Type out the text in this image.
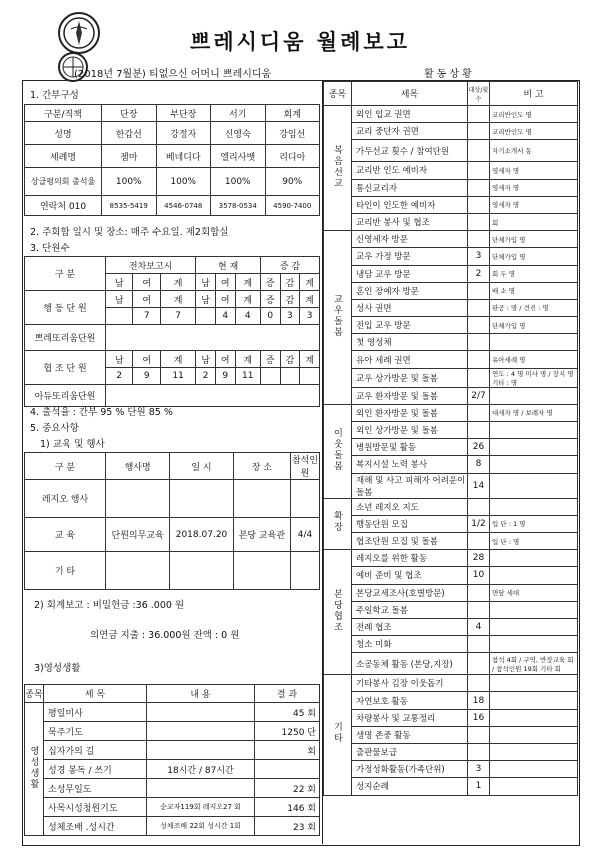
쁘레시디움 월례보고
(2018년 7월분) 티없으신 어머니 쁘레시디움	활동상황
1. 간부구성
구분/직책	단장	부단장	서기	회계
성명	한갑선	강정자	신영숙	강임선
세례명	젬마	베네디다	엘리사벳	리디아
상급평의회 출석율	100%	100%	100%	90%
연락처 010	8535-5419	4546-0748	3578-0534	4590-7400
2. 주회합 일시 및 장소: 매주 수요일. 제2회합실
3. 단원수
구 분	전차보고시			현 재			증 감		
	남	여	계	남	여	계	증	감	계
행 동 단 원	남	여	계	남	여	계	증	감	계
		7	7		4	4	0	3	3
쁘레또리움단원									
협 조 단 원	남	여	계	남	여	계	증	감	계
	2	9	11	2	9	11			
아듀또리움단원									
4. 출석율 : 간부 95 % 단원 85 %
5. 중요사항
1) 교육 및 행사
구 분	행사명	일 시	장 소	참석인원
레지오 행사				
교 육	단원의무교육	2018.07.20	본당 교육관	4/4
기 타				
2) 회계보고 : 비밀헌금 :36 .000 원
의연금 지출 : 36.000원 잔액 : 0 원
3)영성생활
종목	세 목	내 용	결 과
영성생활	평일미사		45 회
	묵주기도		1250 단
	십자가의 길		회
	성경 봉독 / 쓰기	18시간 / 87시간	
	소성무일도		22 회
	사목시성청원기도	순교자119회 레지오27 회	146 회
	성체조배 .성시간	성체조배 22회 성시간 1회	23 회
종목	세목	대상/횟수	비 고
복음선교	외인 입교 권면		코리반인도 명
	교리 중단자 권면		코리반인도 명
	가두선교 횟수 / 참여단원		자기소개서 동
	교리반 인도 예비자		영세자 명
	통신교리자		영세자 명
	타인이 인도한 예비자		영세자 명
	교리반 봉사 및 협조		회
교우돌봄	신영세자 방문		단체가입 명
	교우 가정 방문	3	단체가입 명
	냉담 교우 방문	2	회 두 명
	혼인 장예자 방문		배 소 명
	성사 권면		판공 : 명 / 견진 : 명
	전입 교우 방문		단체가입 명
	첫 영성체		
	유아 세례 권면		유아세례 명
	교우 상가방문 및 돌봄		연도 : 4 명 미사 명 / 장지 명 기타 : 명
	교우 환자방문 및 돌봄	2/7	
이웃돌봄	외인 환자방문 및 돌봄		대세자 명 / 보례자 명
	외인 상가방문 및 돌봄		
	병원방문및 활동	26	
	복지시설 노력 봉사	8	
	재해 및 사고 피해자 어려운이돌봄	14	
확장	소년 레지오 지도		
	행동단원 모집	1/2	입 단 : 1 명
	협조단원 모집 및 돌봄		입 단 : 명
본당협조	레지오를 위한 활동	28	
	예비 준비 및 협조	10	
	본당교세조사(호별방문)		면담 세대
	주일학교 돌봄		
	전례 협조	4	
	청소 미화		
	소공동체 활동 (본당,지장)		참석 4회 / 구역, 반장교육 회 / 참석인원 19회 기타 회
기타	기타봉사 김장 이웃돕기		
	자연보호 활동	18	
	차량봉사 및 교통정리	16	
	생명 존중 활동		
	출판물보급		
	가정성화활동(가족단위)	3	
	성지순례	1	
